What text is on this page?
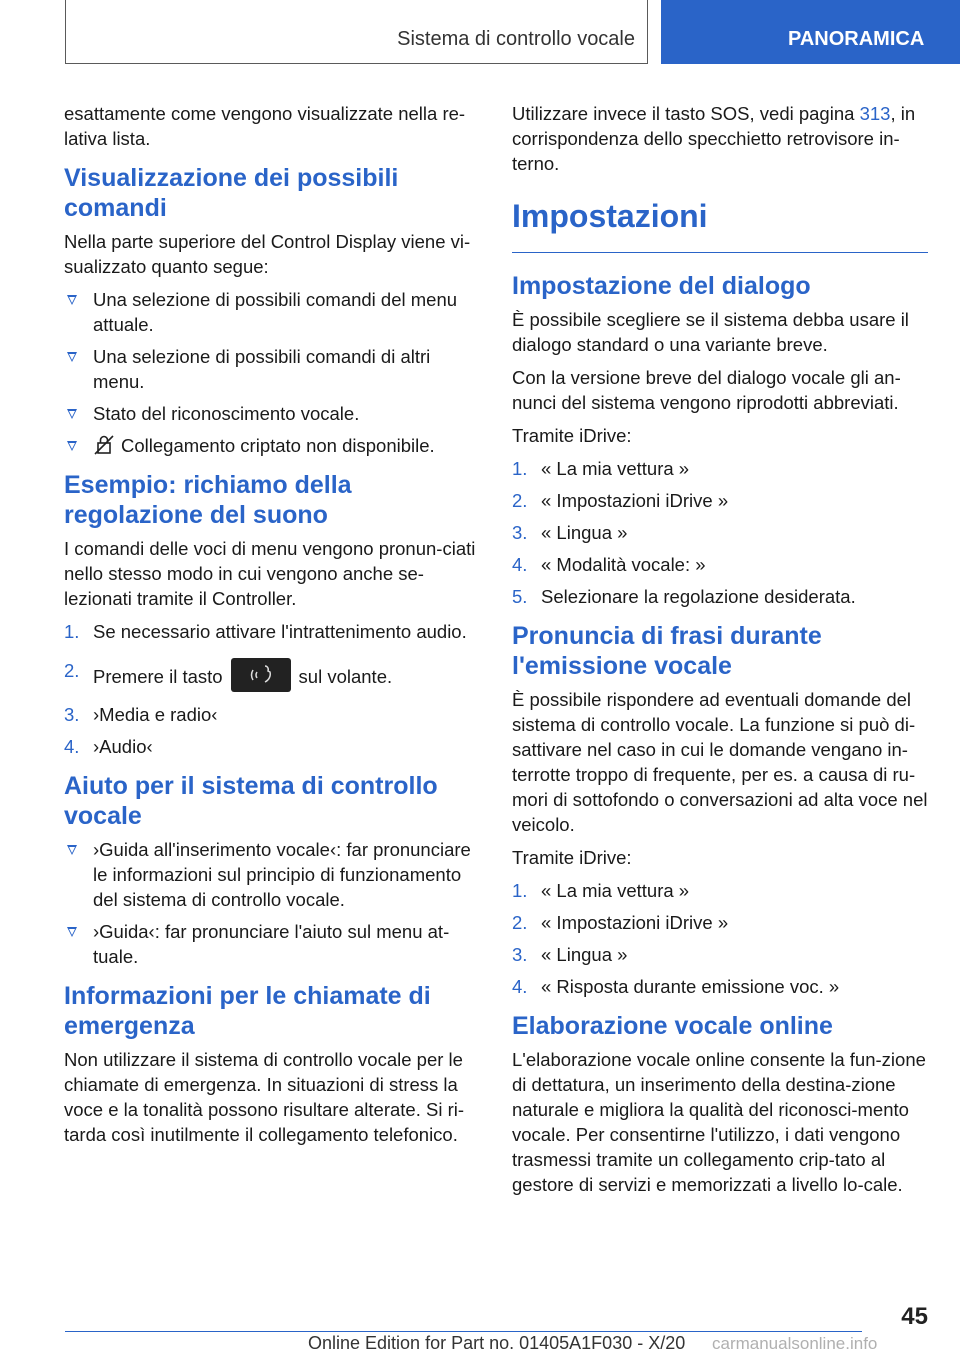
Sistema di controllo vocale	PANORAMICA

esattamente come vengono visualizzate nella re-lativa lista.

Visualizzazione dei possibili comandi

Nella parte superiore del Control Display viene vi-sualizzato quanto segue:

Una selezione di possibili comandi del menu attuale.
Una selezione di possibili comandi di altri menu.
Stato del riconoscimento vocale.
Collegamento criptato non disponibile.
Esempio: richiamo della regolazione del suono

I comandi delle voci di menu vengono pronun-ciati nello stesso modo in cui vengono anche se-lezionati tramite il Controller.

1. Se necessario attivare l'intrattenimento audio.
2. Premere il tasto	sul volante.
3. ›Media e radio‹
4. ›Audio‹
Aiuto per il sistema di controllo vocale
›Guida all'inserimento vocale‹: far pronunciare le informazioni sul principio di funzionamento del sistema di controllo vocale.
›Guida‹: far pronunciare l'aiuto sul menu at-tuale.
Informazioni per le chiamate di emergenza

Non utilizzare il sistema di controllo vocale per le chiamate di emergenza. In situazioni di stress la voce e la tonalità possono risultare alterate. Si ri-tarda così inutilmente il collegamento telefonico.

Utilizzare invece il tasto SOS, vedi pagina 313, in corrispondenza dello specchietto retrovisore in-terno.

Impostazioni
Impostazione del dialogo

È possibile scegliere se il sistema debba usare il dialogo standard o una variante breve.

Con la versione breve del dialogo vocale gli an-nunci del sistema vengono riprodotti abbreviati.

Tramite iDrive:

1. « La mia vettura »
2. « Impostazioni iDrive »
3. « Lingua »
4. « Modalità vocale: »
5. Selezionare la regolazione desiderata.
Pronuncia di frasi durante l'emissione vocale

È possibile rispondere ad eventuali domande del sistema di controllo vocale. La funzione si può di-sattivare nel caso in cui le domande vengano in-terrotte troppo di frequente, per es. a causa di ru-mori di sottofondo o conversazioni ad alta voce nel veicolo.

Tramite iDrive:

1. « La mia vettura »
2. « Impostazioni iDrive »
3. « Lingua »
4. « Risposta durante emissione voc. »
Elaborazione vocale online

L'elaborazione vocale online consente la fun-zione di dettatura, un inserimento della destina-zione naturale e migliora la qualità del riconosci-mento vocale. Per consentirne l'utilizzo, i dati vengono trasmessi tramite un collegamento crip-tato al gestore di servizi e memorizzati a livello lo-cale.

45
Online Edition for Part no. 01405A1F030 - X/20 carmanualsonline.info
